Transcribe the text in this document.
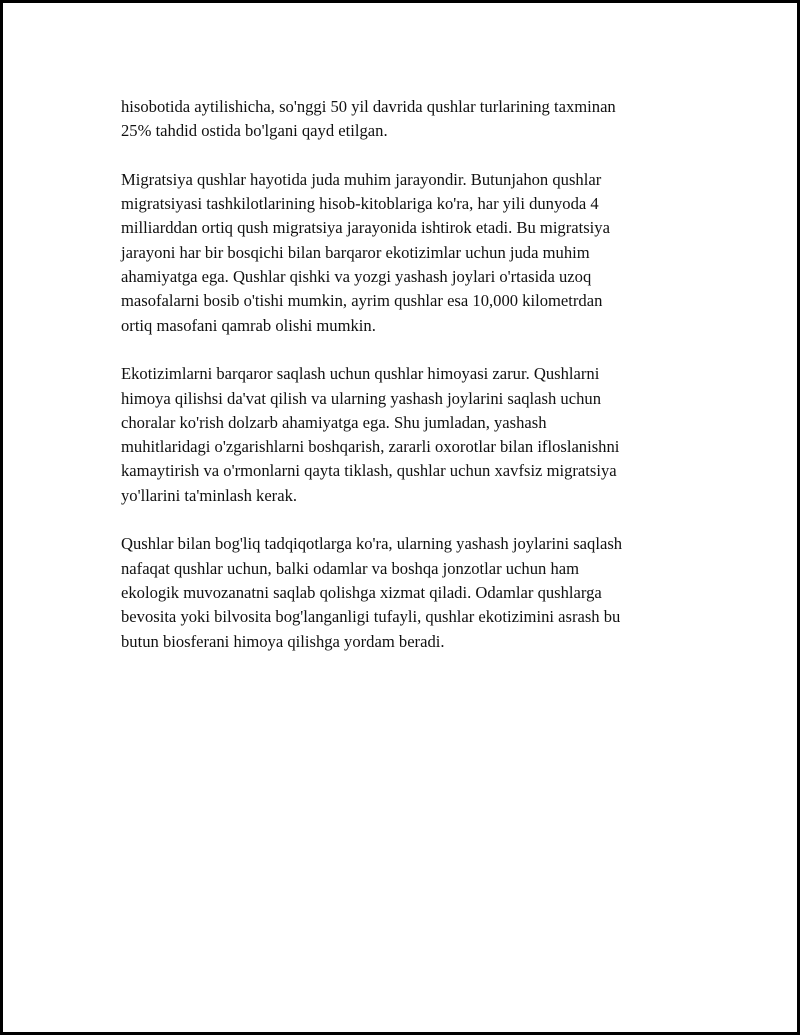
hisobotida aytilishicha, so'nggi 50 yil davrida qushlar turlarining taxminan
25% tahdid ostida bo'lgani qayd etilgan.

Migratsiya qushlar hayotida juda muhim jarayondir. Butunjahon qushlar
migratsiyasi tashkilotlarining hisob-kitoblariga ko'ra, har yili dunyoda 4
milliarddan ortiq qush migratsiya jarayonida ishtirok etadi. Bu migratsiya
jarayoni har bir bosqichi bilan barqaror ekotizimlar uchun juda muhim
ahamiyatga ega. Qushlar qishki va yozgi yashash joylari o'rtasida uzoq
masofalarni bosib o'tishi mumkin, ayrim qushlar esa 10,000 kilometrdan
ortiq masofani qamrab olishi mumkin.

Ekotizimlarni barqaror saqlash uchun qushlar himoyasi zarur. Qushlarni
himoya qilishsi da'vat qilish va ularning yashash joylarini saqlash uchun
choralar ko'rish dolzarb ahamiyatga ega. Shu jumladan, yashash
muhitlaridagi o'zgarishlarni boshqarish, zararli oxorotlar bilan ifloslanishni
kamaytirish va o'rmonlarni qayta tiklash, qushlar uchun xavfsiz migratsiya
yo'llarini ta'minlash kerak.

Qushlar bilan bog'liq tadqiqotlarga ko'ra, ularning yashash joylarini saqlash
nafaqat qushlar uchun, balki odamlar va boshqa jonzotlar uchun ham
ekologik muvozanatni saqlab qolishga xizmat qiladi. Odamlar qushlarga
bevosita yoki bilvosita bog'langanligi tufayli, qushlar ekotizimini asrash bu
butun biosferani himoya qilishga yordam beradi.
